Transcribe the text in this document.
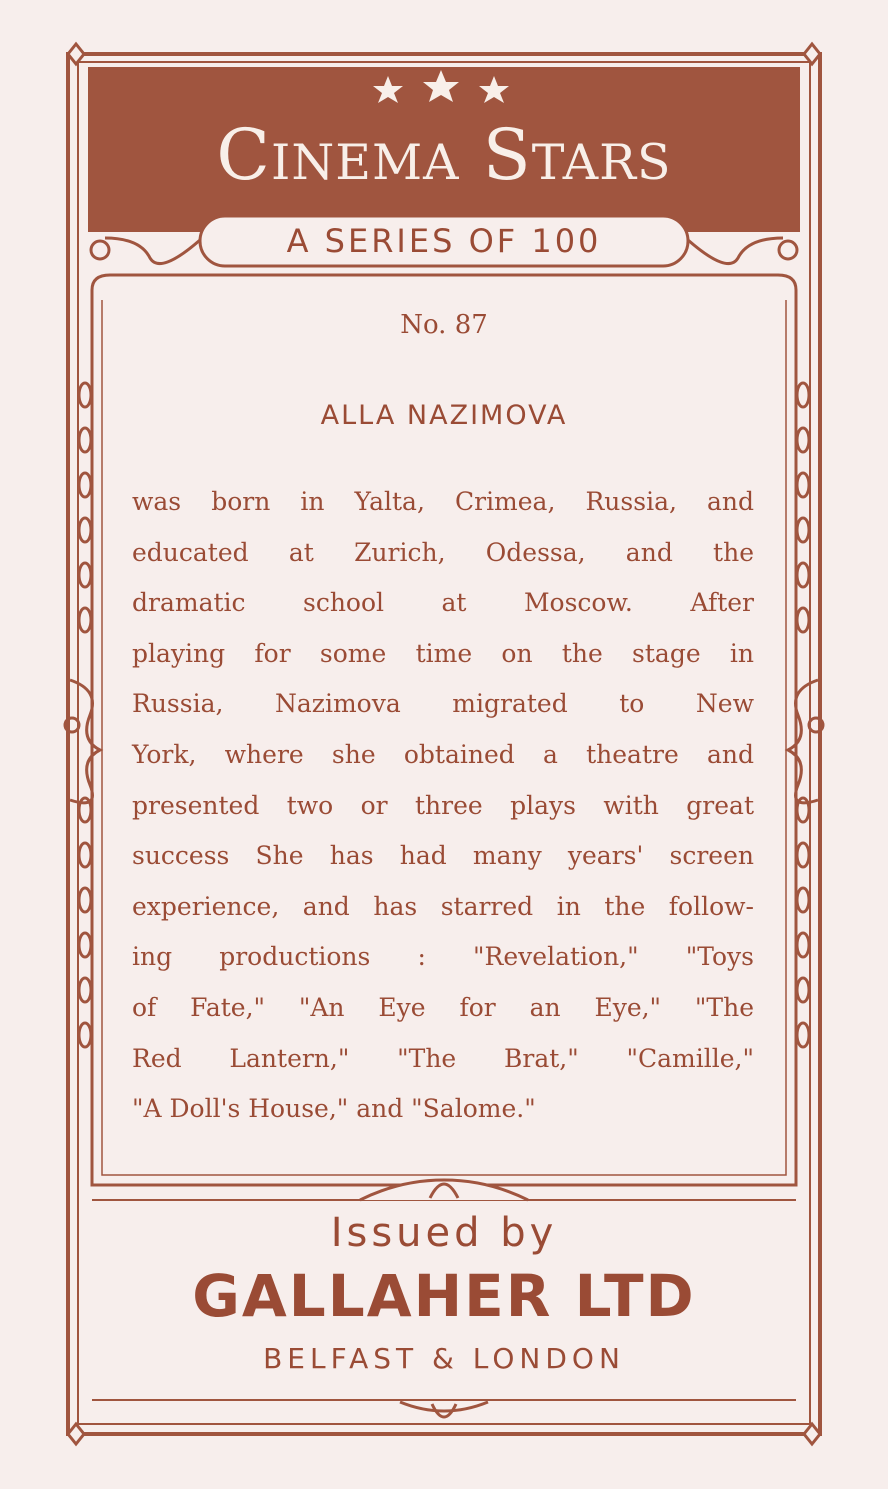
Cinema Stars
A SERIES OF 100
No. 87
ALLA NAZIMOVA
was born in Yalta, Crimea, Russia, and
educated at Zurich, Odessa, and the
dramatic school at Moscow. After
playing for some time on the stage in
Russia, Nazimova migrated to New
York, where she obtained a theatre and
presented two or three plays with great
success She has had many years' screen
experience, and has starred in the follow-
ing productions : "Revelation," "Toys
of Fate," "An Eye for an Eye," "The
Red Lantern," "The Brat," "Camille,"
"A Doll's House," and "Salome."
Issued by
GALLAHER LTD
BELFAST & LONDON
